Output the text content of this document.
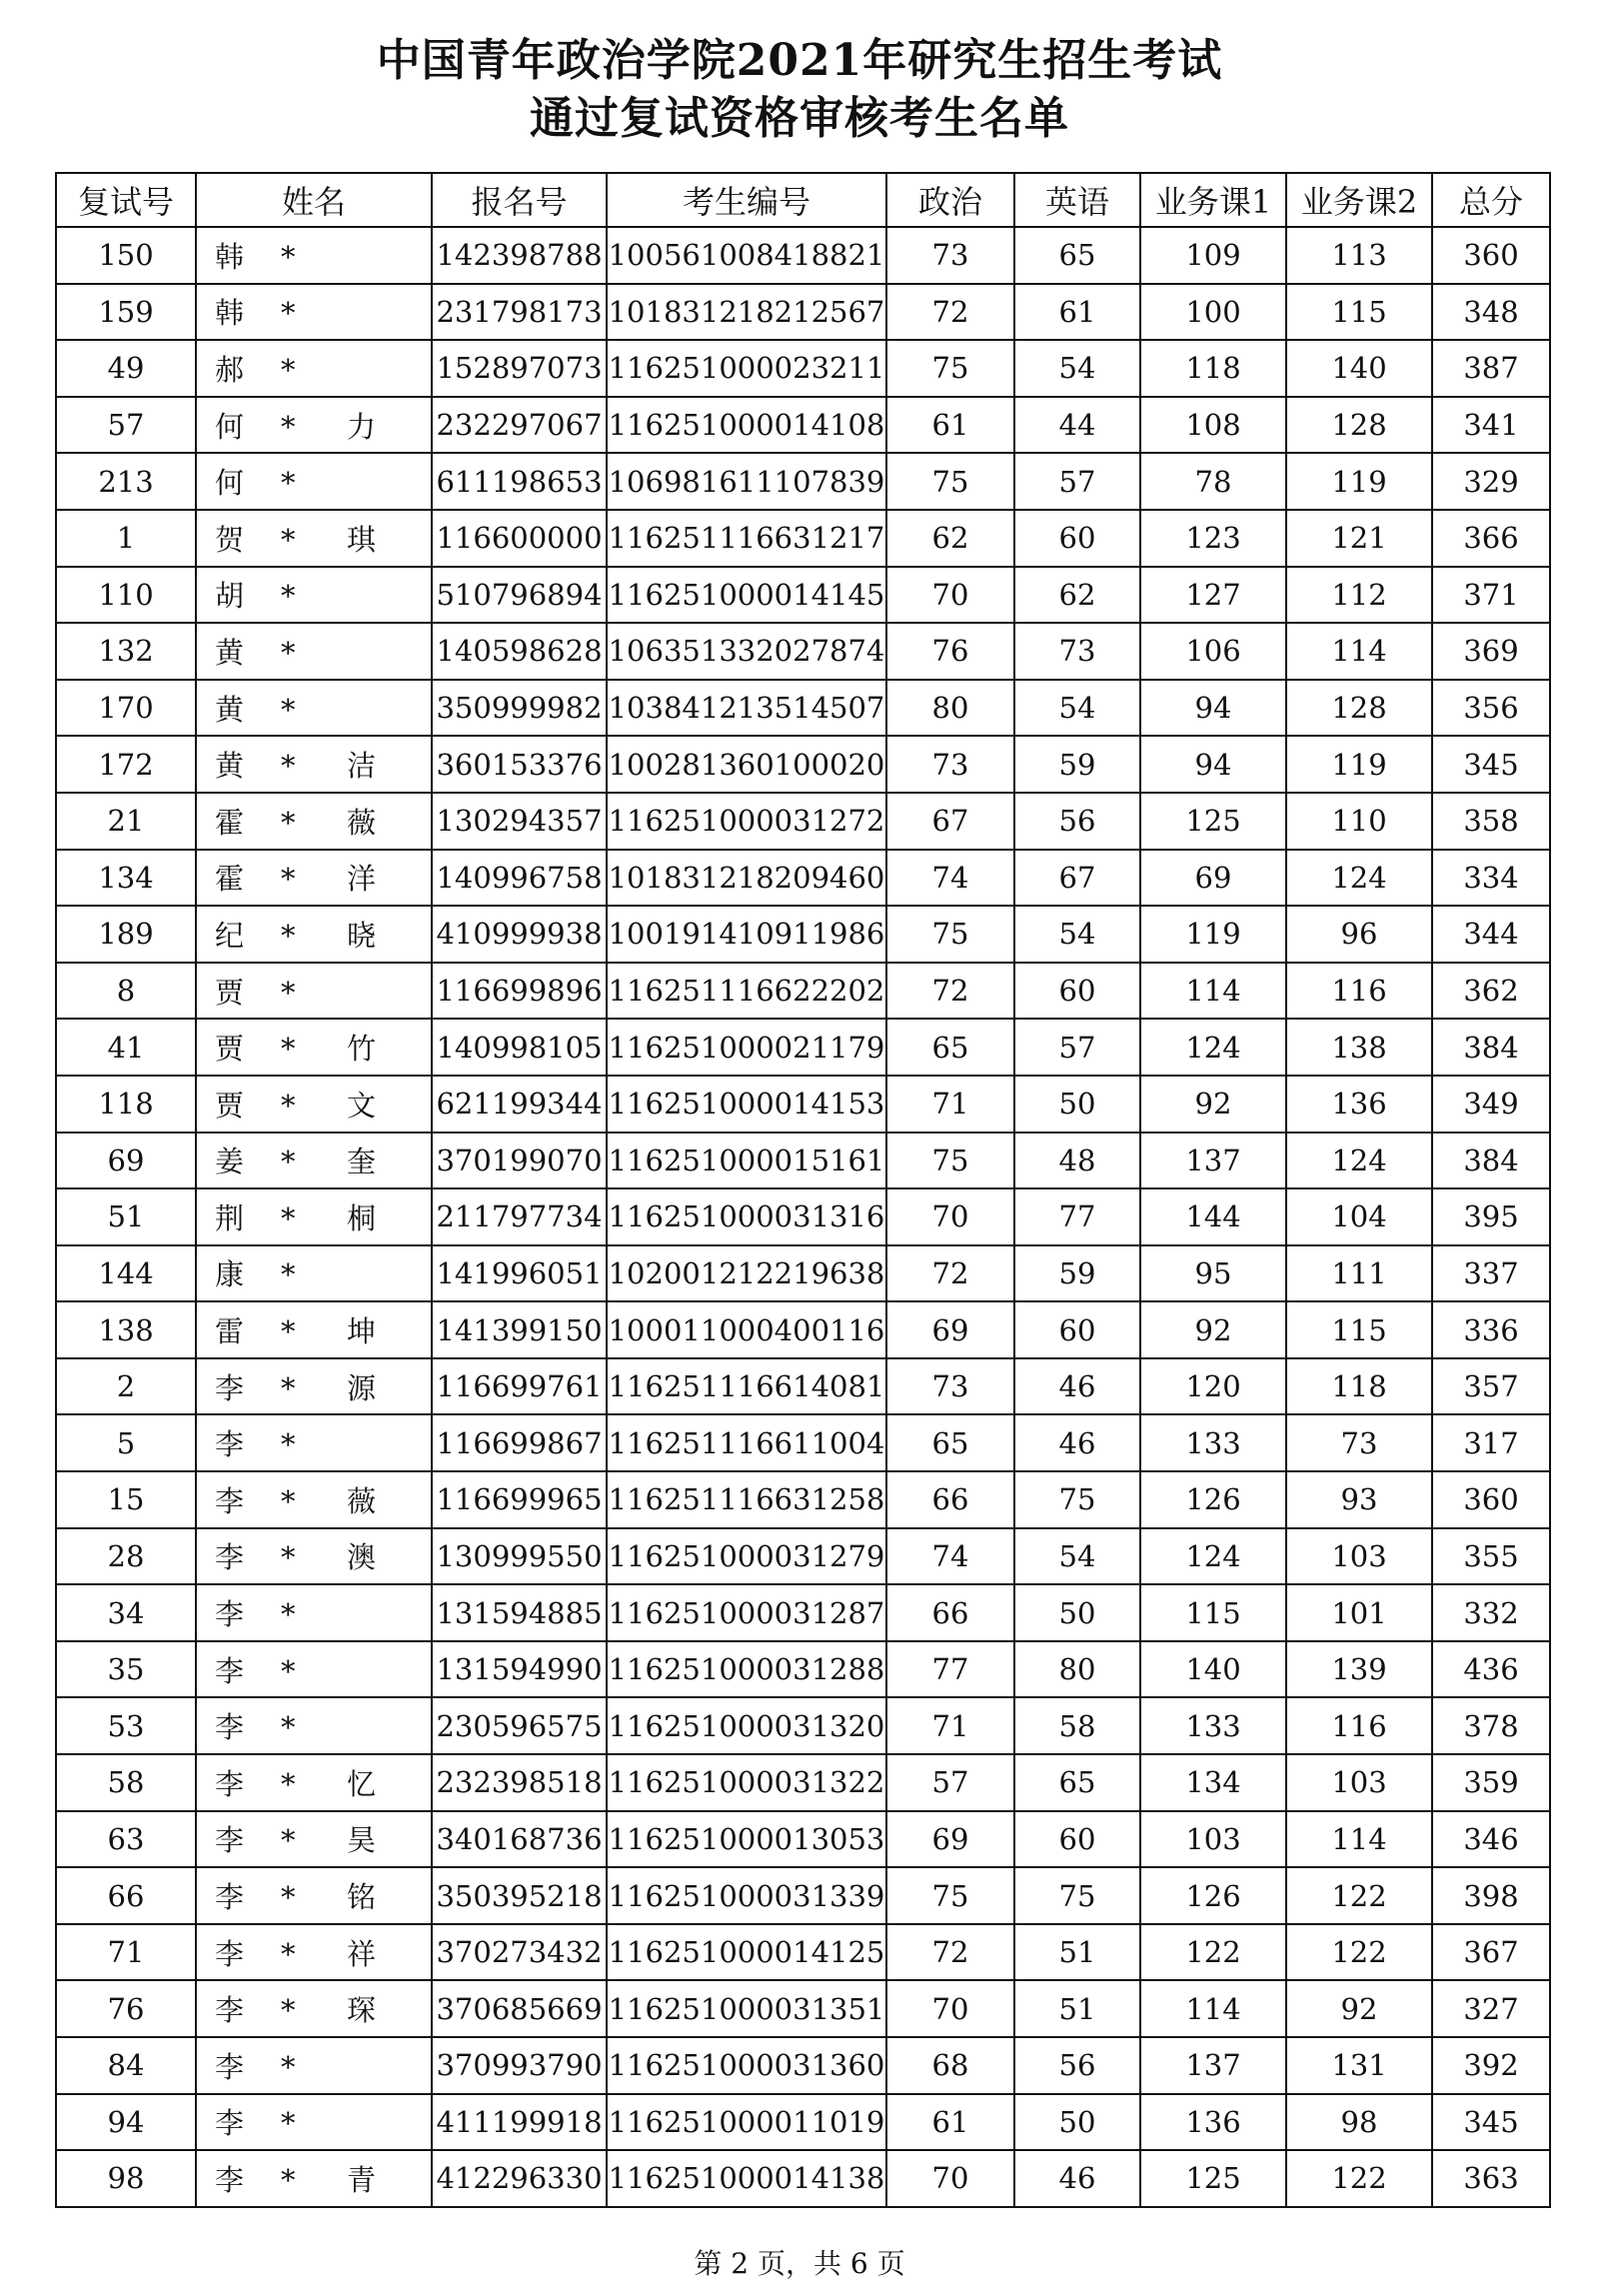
中国青年政治学院2021年研究生招生考试
通过复试资格审核考生名单
复试号	姓名	报名号	考生编号	政治	英语	业务课1	业务课2	总分
150	韩 *	142398788	100561008418821	73	65	109	113	360
159	韩 *	231798173	101831218212567	72	61	100	115	348
49	郝 *	152897073	116251000023211	75	54	118	140	387
57	何 * 力	232297067	116251000014108	61	44	108	128	341
213	何 *	611198653	106981611107839	75	57	78	119	329
1	贺 * 琪	116600000	116251116631217	62	60	123	121	366
110	胡 *	510796894	116251000014145	70	62	127	112	371
132	黄 *	140598628	106351332027874	76	73	106	114	369
170	黄 *	350999982	103841213514507	80	54	94	128	356
172	黄 * 洁	360153376	100281360100020	73	59	94	119	345
21	霍 * 薇	130294357	116251000031272	67	56	125	110	358
134	霍 * 洋	140996758	101831218209460	74	67	69	124	334
189	纪 * 晓	410999938	100191410911986	75	54	119	96	344
8	贾 *	116699896	116251116622202	72	60	114	116	362
41	贾 * 竹	140998105	116251000021179	65	57	124	138	384
118	贾 * 文	621199344	116251000014153	71	50	92	136	349
69	姜 * 奎	370199070	116251000015161	75	48	137	124	384
51	荆 * 桐	211797734	116251000031316	70	77	144	104	395
144	康 *	141996051	102001212219638	72	59	95	111	337
138	雷 * 坤	141399150	100011000400116	69	60	92	115	336
2	李 * 源	116699761	116251116614081	73	46	120	118	357
5	李 *	116699867	116251116611004	65	46	133	73	317
15	李 * 薇	116699965	116251116631258	66	75	126	93	360
28	李 * 澳	130999550	116251000031279	74	54	124	103	355
34	李 *	131594885	116251000031287	66	50	115	101	332
35	李 *	131594990	116251000031288	77	80	140	139	436
53	李 *	230596575	116251000031320	71	58	133	116	378
58	李 * 忆	232398518	116251000031322	57	65	134	103	359
63	李 * 昊	340168736	116251000013053	69	60	103	114	346
66	李 * 铭	350395218	116251000031339	75	75	126	122	398
71	李 * 祥	370273432	116251000014125	72	51	122	122	367
76	李 * 琛	370685669	116251000031351	70	51	114	92	327
84	李 *	370993790	116251000031360	68	56	137	131	392
94	李 *	411199918	116251000011019	61	50	136	98	345
98	李 * 青	412296330	116251000014138	70	46	125	122	363
第 2 页，共 6 页
